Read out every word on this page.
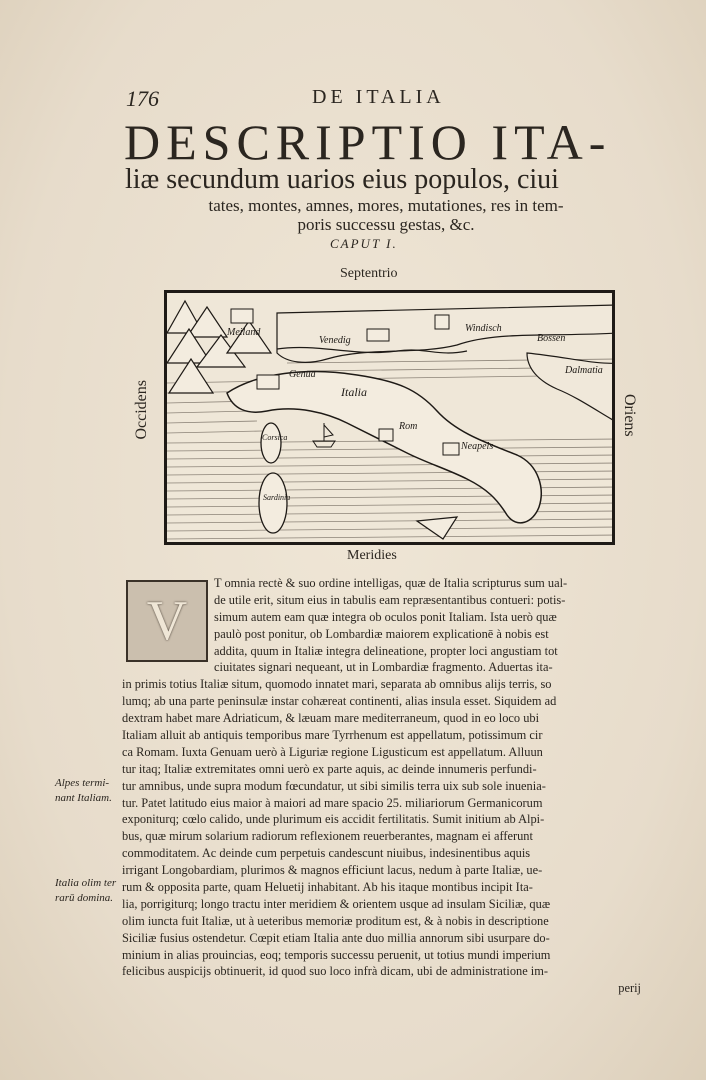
176	DE ITALIA
DESCRIPTIO ITA-
liæ secundum uarios eius populos, ciui
tates, montes, amnes, mores, mutationes, res in tem-
poris successu gestas, &c.
CAPUT I.
Septentrio
Meridies
Occidens	Oriens
Meiland
Venedig
Windisch
Bossen
Dalmatia
Genua
Italia
Rom
Neapels
Corsica
Sardinia
V
T omnia rectè & suo ordine intelligas, quæ de Italia scripturus sum ual-
de utile erit, situm eius in tabulis eam repræsentantibus contueri: potis-
simum autem eam quæ integra ob oculos ponit Italiam. Ista uerò quæ
paulò post ponitur, ob Lombardiæ maiorem explicationē à nobis est
addita, quum in Italiæ integra delineatione, propter loci angustiam tot
ciuitates signari nequeant, ut in Lombardiæ fragmento. Aduertas ita-
in primis totius Italiæ situm, quomodo innatet mari, separata ab omnibus alijs terris, so
lumq; ab una parte peninsulæ instar cohæreat continenti, alias insula esset. Siquidem ad
dextram habet mare Adriaticum, & læuam mare mediterraneum, quod in eo loco ubi
Italiam alluit ab antiquis temporibus mare Tyrrhenum est appellatum, potissimum cir
ca Romam. Iuxta Genuam uerò à Liguriæ regione Ligusticum est appellatum. Alluun
tur itaq; Italiæ extremitates omni uerò ex parte aquis, ac deinde innumeris perfundi-
tur amnibus, unde supra modum fœcundatur, ut sibi similis terra uix sub sole inuenia-
tur. Patet latitudo eius maior à maiori ad mare spacio 25. miliariorum Germanicorum
exponiturq; cœlo calido, unde plurimum eis accidit fertilitatis. Sumit initium ab Alpi-
bus, quæ mirum solarium radiorum reflexionem reuerberantes, magnam ei afferunt
commoditatem. Ac deinde cum perpetuis candescunt niuibus, indesinentibus aquis
irrigant Longobardiam, plurimos & magnos efficiunt lacus, nedum à parte Italiæ, ue-
rum & opposita parte, quam Heluetij inhabitant. Ab his itaque montibus incipit Ita-
lia, porrigiturq; longo tractu inter meridiem & orientem usque ad insulam Siciliæ, quæ
olim iuncta fuit Italiæ, ut à ueteribus memoriæ proditum est, & à nobis in descriptione
Siciliæ fusius ostendetur. Cœpit etiam Italia ante duo millia annorum sibi usurpare do-
minium in alias prouincias, eoq; temporis successu peruenit, ut totius mundi imperium
felicibus auspicijs obtinuerit, id quod suo loco infrà dicam, ubi de administratione im-
perij
Alpes termi-
nant Italiam.
Italia olim ter
rarū domina.
